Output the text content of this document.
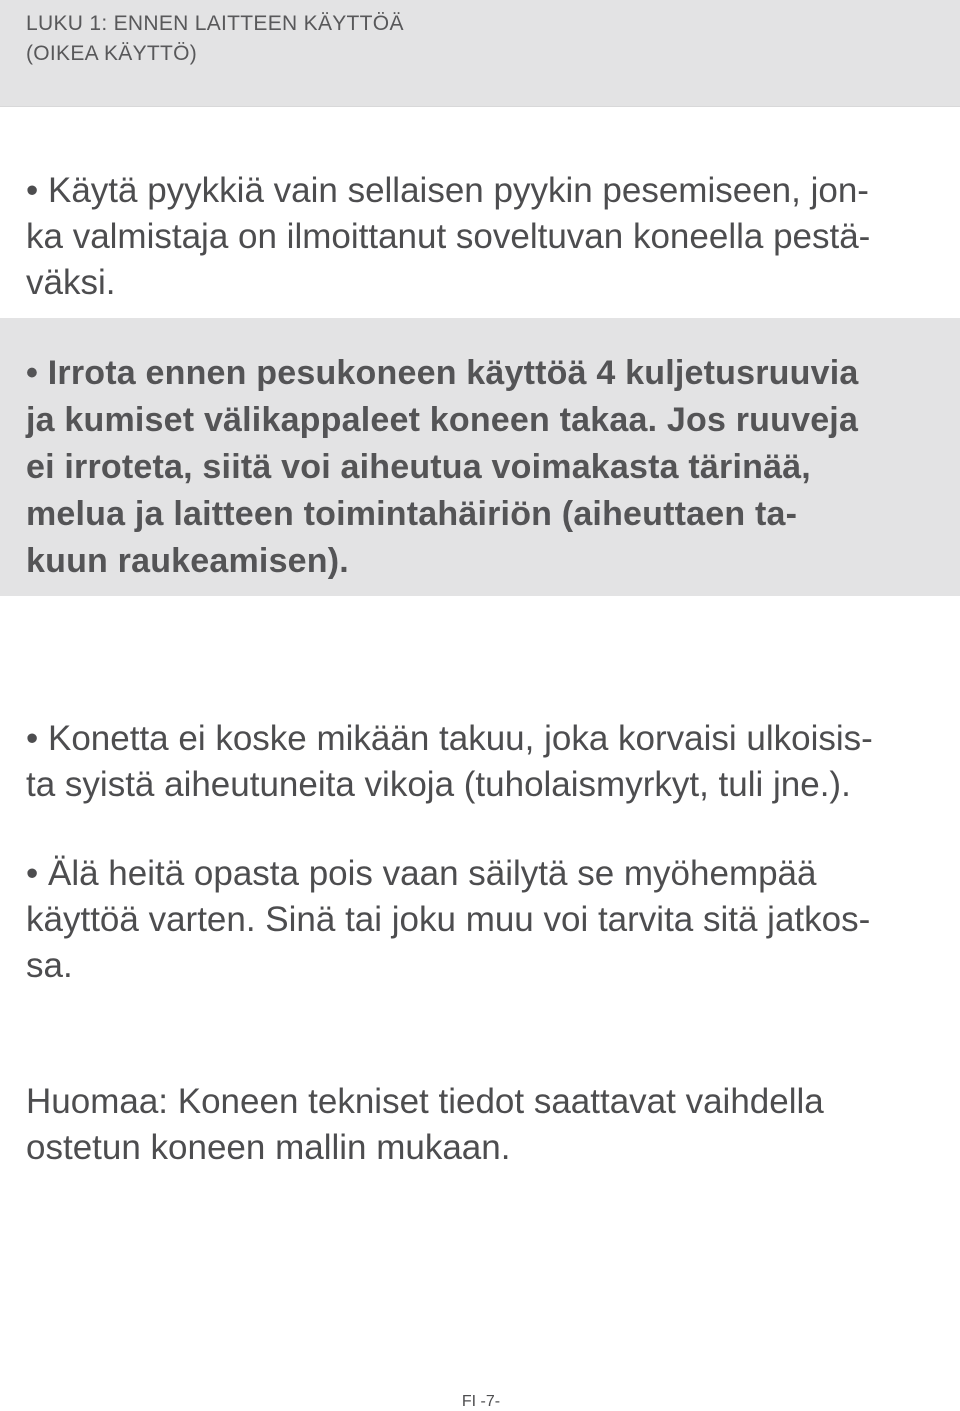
LUKU 1: ENNEN LAITTEEN KÄYTTÖÄ
(OIKEA KÄYTTÖ)
• Käytä pyykkiä vain sellaisen pyykin pesemiseen, jon-
ka valmistaja on ilmoittanut soveltuvan koneella pestä-
väksi.
• Irrota ennen pesukoneen käyttöä 4 kuljetusruuvia
ja kumiset välikappaleet koneen takaa. Jos ruuveja
ei irroteta, siitä voi aiheutua voimakasta tärinää,
melua ja laitteen toimintahäiriön (aiheuttaen ta-
kuun raukeamisen).
• Konetta ei koske mikään takuu, joka korvaisi ulkoisis-
ta syistä aiheutuneita vikoja (tuholaismyrkyt, tuli jne.).
• Älä heitä opasta pois vaan säilytä se myöhempää
käyttöä varten. Sinä tai joku muu voi tarvita sitä jatkos-
sa.
Huomaa: Koneen tekniset tiedot saattavat vaihdella
ostetun koneen mallin mukaan.
FI -7-
